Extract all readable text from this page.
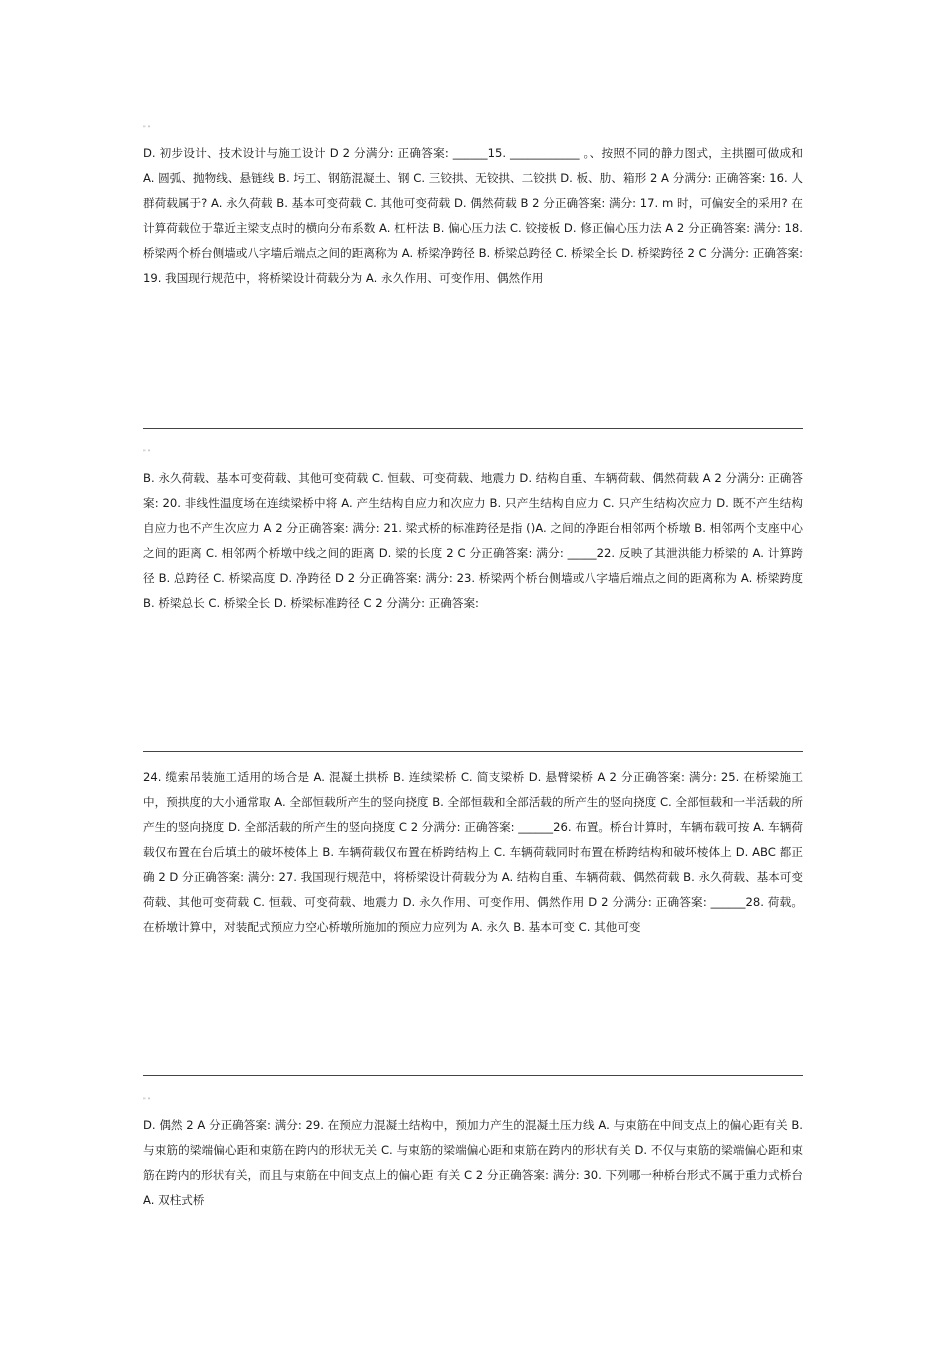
" "

D. 初步设计、技术设计与施工设计 D 2 分满分: 正确答案: ______15. ____________ 。、按照不同的静力图式，主拱圈可做成和 A. 圆弧、抛物线、悬链线 B. 圬工、钢筋混凝土、钢 C. 三铰拱、无铰拱、二铰拱 D. 板、肋、箱形 2 A 分满分: 正确答案: 16. 人群荷载属于? A. 永久荷载 B. 基本可变荷载 C. 其他可变荷载 D. 偶然荷载 B 2 分正确答案: 满分: 17. m 时，可偏安全的采用? 在计算荷载位于靠近主梁支点时的横向分布系数 A. 杠杆法 B. 偏心压力法 C. 铰接板 D. 修正偏心压力法 A 2 分正确答案: 满分: 18. 桥梁两个桥台侧墙或八字墙后端点之间的距离称为 A. 桥梁净跨径 B. 桥梁总跨径 C. 桥梁全长 D. 桥梁跨径 2 C 分满分: 正确答案: 19. 我国现行规范中，将桥梁设计荷载分为 A. 永久作用、可变作用、偶然作用

" "

B. 永久荷载、基本可变荷载、其他可变荷载 C. 恒载、可变荷载、地震力 D. 结构自重、车辆荷载、偶然荷载 A 2 分满分: 正确答案: 20. 非线性温度场在连续梁桥中将 A. 产生结构自应力和次应力 B. 只产生结构自应力 C. 只产生结构次应力 D. 既不产生结构自应力也不产生次应力 A 2 分正确答案: 满分: 21. 梁式桥的标准跨径是指 ()A. 之间的净距台相邻两个桥墩 B. 相邻两个支座中心之间的距离 C. 相邻两个桥墩中线之间的距离 D. 梁的长度 2 C 分正确答案: 满分: _____22. 反映了其泄洪能力桥梁的 A. 计算跨径 B. 总跨径 C. 桥梁高度 D. 净跨径 D 2 分正确答案: 满分: 23. 桥梁两个桥台侧墙或八字墙后端点之间的距离称为 A. 桥梁跨度 B. 桥梁总长 C. 桥梁全长 D. 桥梁标准跨径 C 2 分满分: 正确答案:

24. 缆索吊装施工适用的场合是 A. 混凝土拱桥 B. 连续梁桥 C. 简支梁桥 D. 悬臂梁桥 A 2 分正确答案: 满分: 25. 在桥梁施工中，预拱度的大小通常取 A. 全部恒载所产生的竖向挠度 B. 全部恒载和全部活载的所产生的竖向挠度 C. 全部恒载和一半活载的所产生的竖向挠度 D. 全部活载的所产生的竖向挠度 C 2 分满分: 正确答案: ______26. 布置。桥台计算时，车辆布载可按 A. 车辆荷载仅布置在台后填土的破坏棱体上 B. 车辆荷载仅布置在桥跨结构上 C. 车辆荷载同时布置在桥跨结构和破坏棱体上 D. ABC 都正确 2 D 分正确答案: 满分: 27. 我国现行规范中，将桥梁设计荷载分为 A. 结构自重、车辆荷载、偶然荷载 B. 永久荷载、基本可变荷载、其他可变荷载 C. 恒载、可变荷载、地震力 D. 永久作用、可变作用、偶然作用 D 2 分满分: 正确答案: ______28. 荷载。在桥墩计算中，对装配式预应力空心桥墩所施加的预应力应列为 A. 永久 B. 基本可变 C. 其他可变

" "

D. 偶然 2 A 分正确答案: 满分: 29. 在预应力混凝土结构中，预加力产生的混凝土压力线 A. 与束筋在中间支点上的偏心距有关 B. 与束筋的梁端偏心距和束筋在跨内的形状无关 C. 与束筋的梁端偏心距和束筋在跨内的形状有关 D. 不仅与束筋的梁端偏心距和束筋在跨内的形状有关，而且与束筋在中间支点上的偏心距 有关 C 2 分正确答案: 满分: 30. 下列哪一种桥台形式不属于重力式桥台 A. 双柱式桥
